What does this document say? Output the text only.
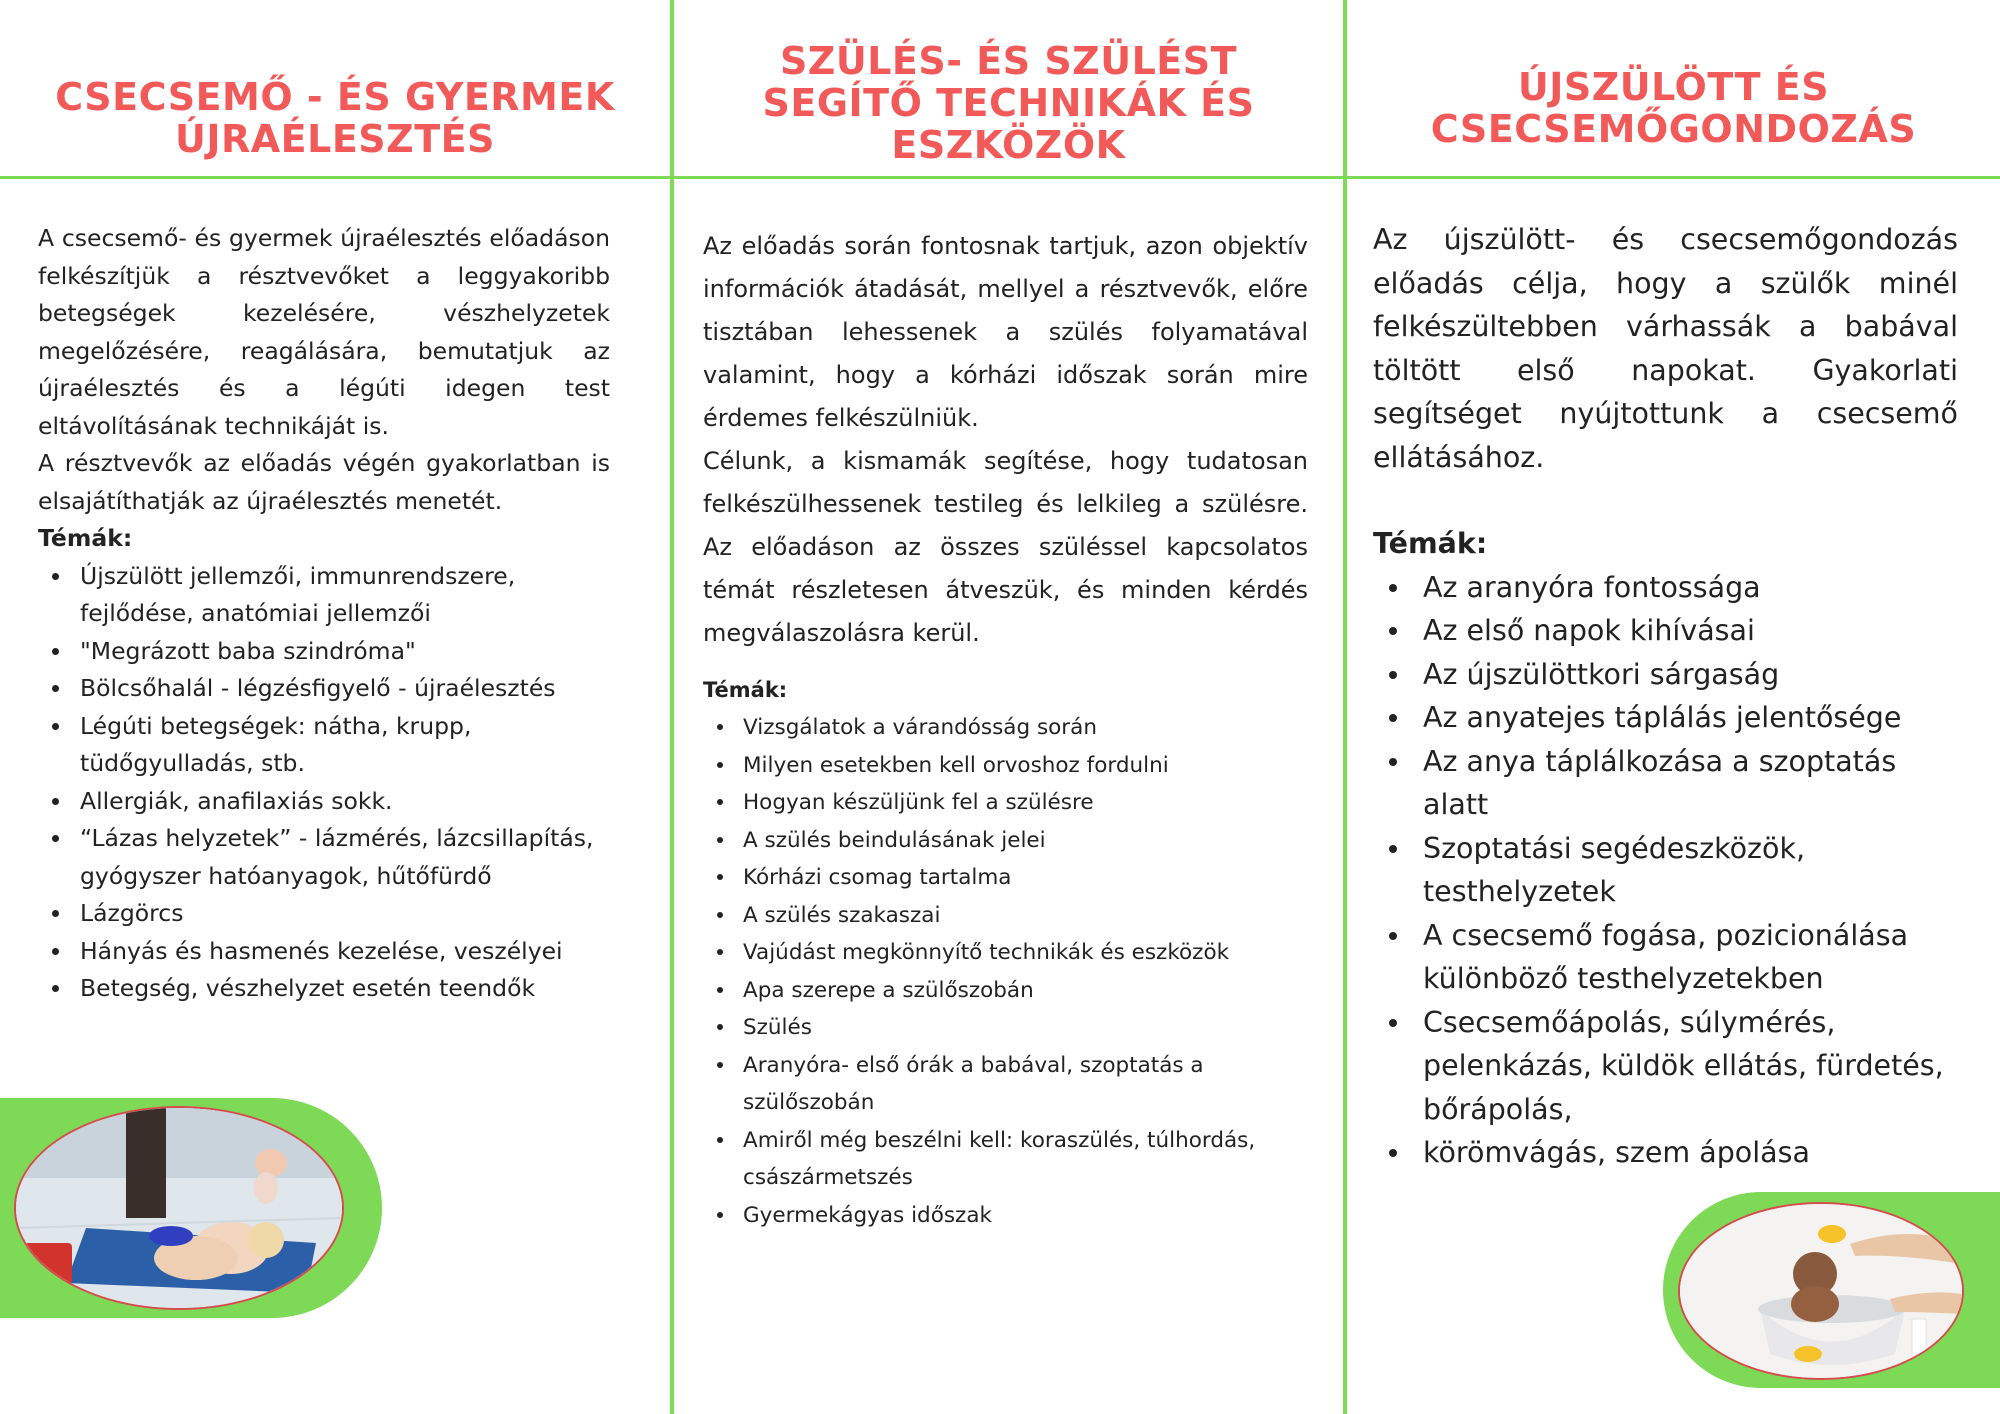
CSECSEMŐ - ÉS GYERMEK
ÚJRAÉLESZTÉS

A csecsemő- és gyermek újraélesztés előadáson felkészítjük a résztvevőket a leggyakoribb betegségek kezelésére, vészhelyzetek megelőzésére, reagálására, bemutatjuk az újraélesztés és a légúti idegen test eltávolításának technikáját is.

A résztvevők az előadás végén gyakorlatban is elsajátíthatják az újraélesztés menetét.

Témák:

Újszülött jellemzői, immunrendszere, fejlődése, anatómiai jellemzői
"Megrázott baba szindróma"
Bölcsőhalál - légzésfigyelő - újraélesztés
Légúti betegségek: nátha, krupp, tüdőgyulladás, stb.
Allergiák, anafilaxiás sokk.
“Lázas helyzetek” - lázmérés, lázcsillapítás, gyógyszer hatóanyagok, hűtőfürdő
Lázgörcs
Hányás és hasmenés kezelése, veszélyei
Betegség, vészhelyzet esetén teendők
SZÜLÉS- ÉS SZÜLÉST
SEGÍTŐ TECHNIKÁK ÉS
ESZKÖZÖK

Az előadás során fontosnak tartjuk, azon objektív információk átadását, mellyel a résztvevők, előre tisztában lehessenek a szülés folyamatával valamint, hogy a kórházi időszak során mire érdemes felkészülniük.

Célunk, a kismamák segítése, hogy tudatosan felkészülhessenek testileg és lelkileg a szülésre. Az előadáson az összes szüléssel kapcsolatos témát részletesen átveszük, és minden kérdés megválaszolásra kerül.

Témák:

Vizsgálatok a várandósság során
Milyen esetekben kell orvoshoz fordulni
Hogyan készüljünk fel a szülésre
A szülés beindulásának jelei
Kórházi csomag tartalma
A szülés szakaszai
Vajúdást megkönnyítő technikák és eszközök
Apa szerepe a szülőszobán
Szülés
Aranyóra- első órák a babával, szoptatás a szülőszobán
Amiről még beszélni kell: koraszülés, túlhordás, császármetszés
Gyermekágyas időszak
ÚJSZÜLÖTT ÉS
CSECSEMŐGONDOZÁS

Az újszülött- és csecsemőgondozás előadás célja, hogy a szülők minél felkészültebben várhassák a babával töltött első napokat. Gyakorlati segítséget nyújtottunk a csecsemő ellátásához.

Témák:

Az aranyóra fontossága
Az első napok kihívásai
Az újszülöttkori sárgaság
Az anyatejes táplálás jelentősége
Az anya táplálkozása a szoptatás alatt
Szoptatási segédeszközök, testhelyzetek
A csecsemő fogása, pozicionálása különböző testhelyzetekben
Csecsemőápolás, súlymérés, pelenkázás, küldök ellátás, fürdetés, bőrápolás,
körömvágás, szem ápolása
